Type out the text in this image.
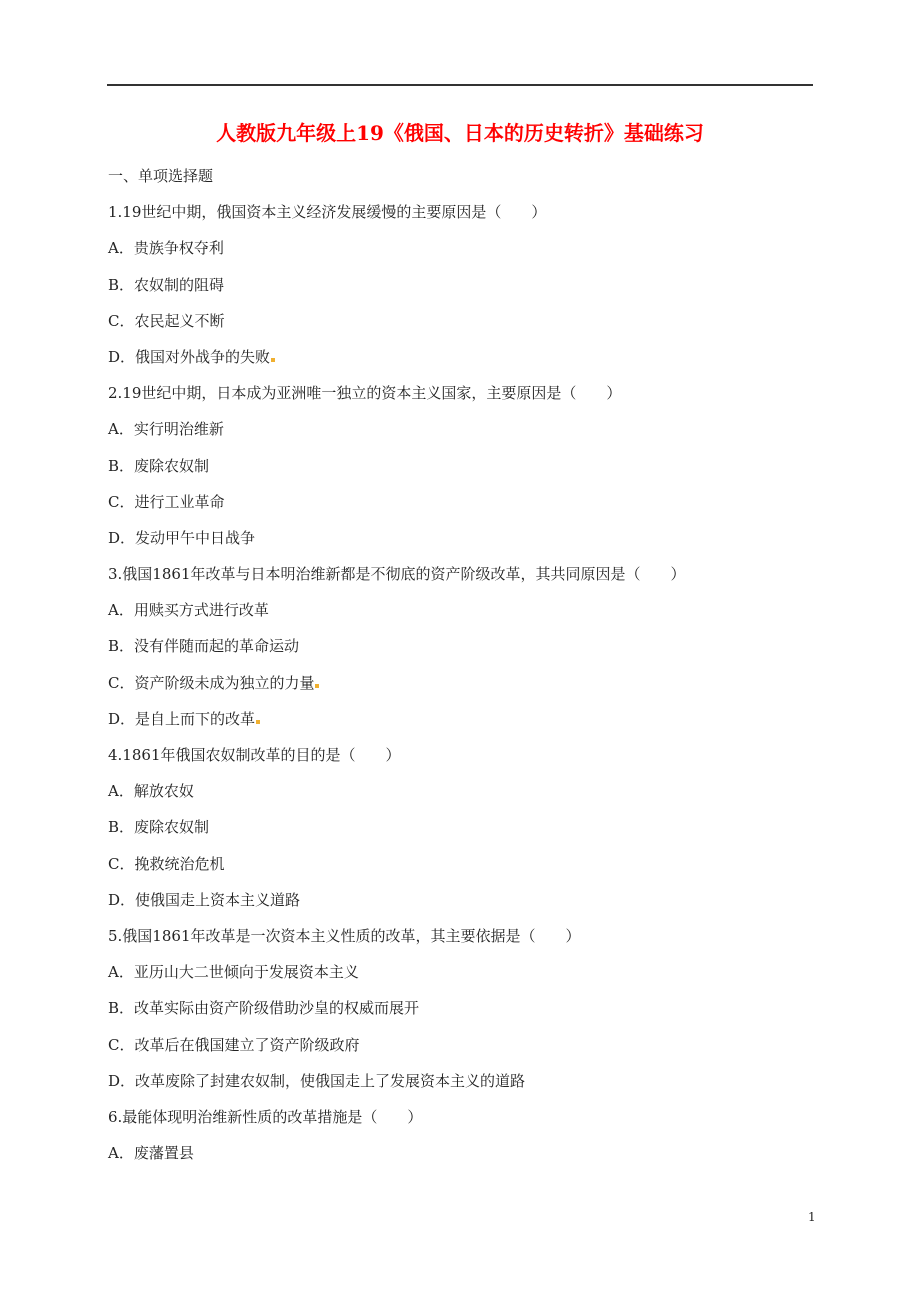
人教版九年级上19《俄国、日本的历史转折》基础练习
一、单项选择题
1.19世纪中期，俄国资本主义经济发展缓慢的主要原因是（　　）
A．贵族争权夺利
B．农奴制的阻碍
C．农民起义不断
D．俄国对外战争的失败
2.19世纪中期，日本成为亚洲唯一独立的资本主义国家，主要原因是（　　）
A．实行明治维新
B．废除农奴制
C．进行工业革命
D．发动甲午中日战争
3.俄国1861年改革与日本明治维新都是不彻底的资产阶级改革，其共同原因是（　　）
A．用赎买方式进行改革
B．没有伴随而起的革命运动
C．资产阶级未成为独立的力量
D．是自上而下的改革
4.1861年俄国农奴制改革的目的是（　　）
A．解放农奴
B．废除农奴制
C．挽救统治危机
D．使俄国走上资本主义道路
5.俄国1861年改革是一次资本主义性质的改革，其主要依据是（　　）
A．亚历山大二世倾向于发展资本主义
B．改革实际由资产阶级借助沙皇的权威而展开
C．改革后在俄国建立了资产阶级政府
D．改革废除了封建农奴制，使俄国走上了发展资本主义的道路
6.最能体现明治维新性质的改革措施是（　　）
A．废藩置县
1
